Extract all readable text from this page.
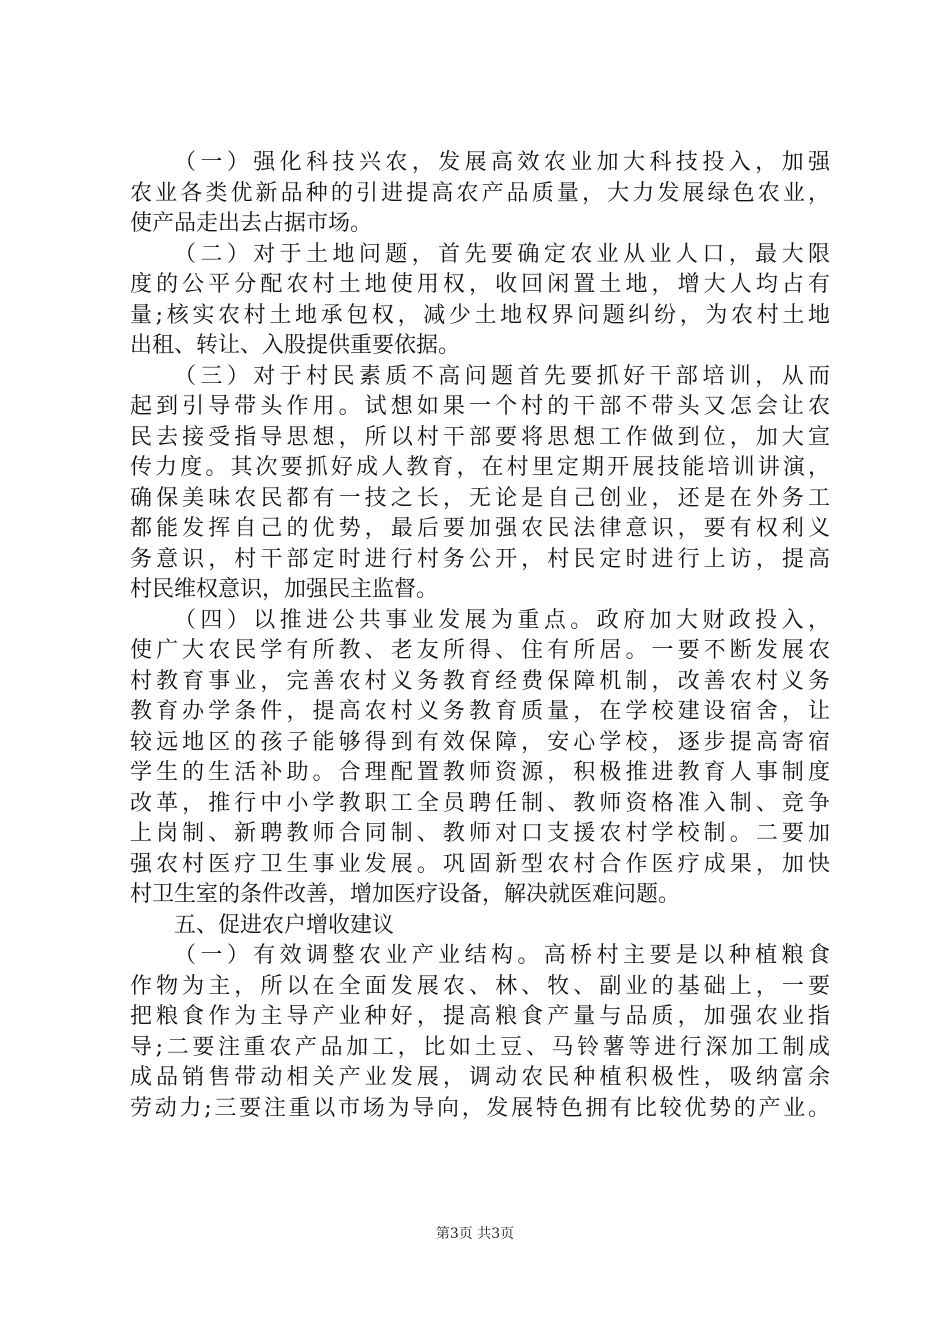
（一）强化科技兴农，发展高效农业加大科技投入，加强
农业各类优新品种的引进提高农产品质量，大力发展绿色农业，
使产品走出去占据市场。
（二）对于土地问题，首先要确定农业从业人口，最大限
度的公平分配农村土地使用权，收回闲置土地，增大人均占有
量;核实农村土地承包权，减少土地权界问题纠纷，为农村土地
出租、转让、入股提供重要依据。
（三）对于村民素质不高问题首先要抓好干部培训，从而
起到引导带头作用。试想如果一个村的干部不带头又怎会让农
民去接受指导思想，所以村干部要将思想工作做到位，加大宣
传力度。其次要抓好成人教育，在村里定期开展技能培训讲演，
确保美味农民都有一技之长，无论是自己创业，还是在外务工
都能发挥自己的优势，最后要加强农民法律意识，要有权利义
务意识，村干部定时进行村务公开，村民定时进行上访，提高
村民维权意识，加强民主监督。
（四）以推进公共事业发展为重点。政府加大财政投入，
使广大农民学有所教、老友所得、住有所居。一要不断发展农
村教育事业，完善农村义务教育经费保障机制，改善农村义务
教育办学条件，提高农村义务教育质量，在学校建设宿舍，让
较远地区的孩子能够得到有效保障，安心学校，逐步提高寄宿
学生的生活补助。合理配置教师资源，积极推进教育人事制度
改革，推行中小学教职工全员聘任制、教师资格准入制、竞争
上岗制、新聘教师合同制、教师对口支援农村学校制。二要加
强农村医疗卫生事业发展。巩固新型农村合作医疗成果，加快
村卫生室的条件改善，增加医疗设备，解决就医难问题。
五、促进农户增收建议
（一）有效调整农业产业结构。高桥村主要是以种植粮食
作物为主，所以在全面发展农、林、牧、副业的基础上，一要
把粮食作为主导产业种好，提高粮食产量与品质，加强农业指
导;二要注重农产品加工，比如土豆、马铃薯等进行深加工制成
成品销售带动相关产业发展，调动农民种植积极性，吸纳富余
劳动力;三要注重以市场为导向，发展特色拥有比较优势的产业。
第3页 共3页
